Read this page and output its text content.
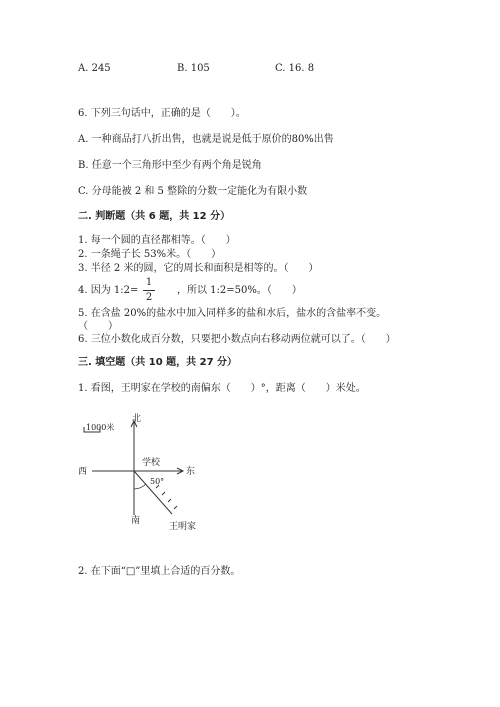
A. 245	B. 105	C. 16. 8
6. 下列三句话中，正确的是（　　）。
A. 一种商品打八折出售，也就是说是低于原价的80%出售
B. 任意一个三角形中至少有两个角是锐角
C. 分母能被 2 和 5 整除的分数一定能化为有限小数
二. 判断题（共 6 题，共 12 分）
1. 每一个圆的直径都相等。（　　）
2. 一条绳子长 53%米。（　　）
3. 半径 2 米的圆，它的周长和面积是相等的。（　　）
4. 因为 1:2=
1
2
，所以 1:2=50%。（　　）
5. 在含盐 20%的盐水中加入同样多的盐和水后，盐水的含盐率不变。
（　　）
6. 三位小数化成百分数，只要把小数点向右移动两位就可以了。（　　）
三. 填空题（共 10 题，共 27 分）
1. 看图，王明家在学校的南偏东（　　）°，距离（　　）米处。
1000米
北
南
西	东
学校
50°
王明家
2. 在下面“□”里填上合适的百分数。
